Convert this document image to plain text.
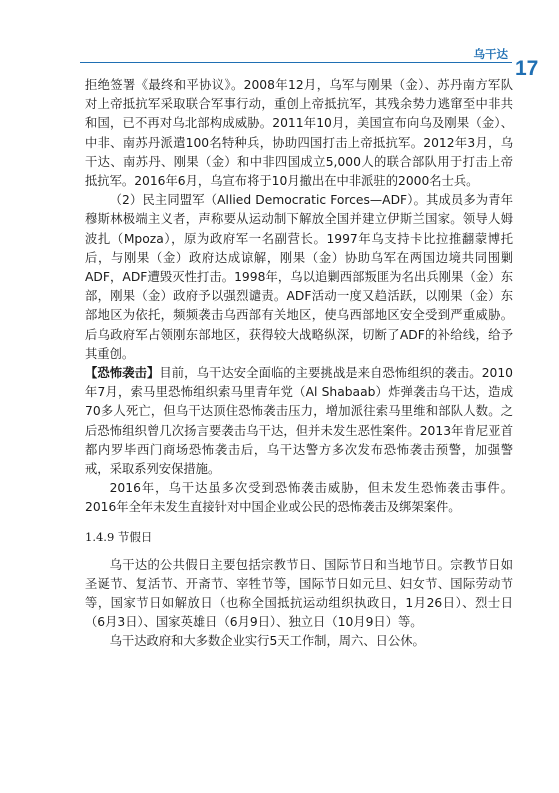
乌干达
17

拒绝签署《最终和平协议》。2008年12月，乌军与刚果（金）、苏丹南方军队对上帝抵抗军采取联合军事行动，重创上帝抵抗军，其残余势力逃窜至中非共和国，已不再对乌北部构成威胁。2011年10月，美国宣布向乌及刚果（金）、中非、南苏丹派遣100名特种兵，协助四国打击上帝抵抗军。2012年3月，乌干达、南苏丹、刚果（金）和中非四国成立5,000人的联合部队用于打击上帝抵抗军。2016年6月，乌宣布将于10月撤出在中非派驻的2000名士兵。

（2）民主同盟军（Allied Democratic Forces—ADF）。其成员多为青年穆斯林极端主义者，声称要从运动制下解放全国并建立伊斯兰国家。领导人姆波扎（Mpoza），原为政府军一名副营长。1997年乌支持卡比拉推翻蒙博托后，与刚果（金）政府达成谅解，刚果（金）协助乌军在两国边境共同围剿ADF，ADF遭毁灭性打击。1998年，乌以追剿西部叛匪为名出兵刚果（金）东部，刚果（金）政府予以强烈谴责。ADF活动一度又趋活跃，以刚果（金）东部地区为依托，频频袭击乌西部有关地区，使乌西部地区安全受到严重威胁。后乌政府军占领刚东部地区，获得较大战略纵深，切断了ADF的补给线，给予其重创。

【恐怖袭击】目前，乌干达安全面临的主要挑战是来自恐怖组织的袭击。2010年7月，索马里恐怖组织索马里青年党（Al Shabaab）炸弹袭击乌干达，造成70多人死亡，但乌干达顶住恐怖袭击压力，增加派往索马里维和部队人数。之后恐怖组织曾几次扬言要袭击乌干达，但并未发生恶性案件。2013年肯尼亚首都内罗毕西门商场恐怖袭击后，乌干达警方多次发布恐怖袭击预警，加强警戒，采取系列安保措施。

2016年，乌干达虽多次受到恐怖袭击威胁，但未发生恐怖袭击事件。2016年全年未发生直接针对中国企业或公民的恐怖袭击及绑架案件。

1.4.9 节假日

乌干达的公共假日主要包括宗教节日、国际节日和当地节日。宗教节日如圣诞节、复活节、开斋节、宰牲节等，国际节日如元旦、妇女节、国际劳动节等，国家节日如解放日（也称全国抵抗运动组织执政日，1月26日）、烈士日（6月3日）、国家英雄日（6月9日）、独立日（10月9日）等。

乌干达政府和大多数企业实行5天工作制，周六、日公休。
